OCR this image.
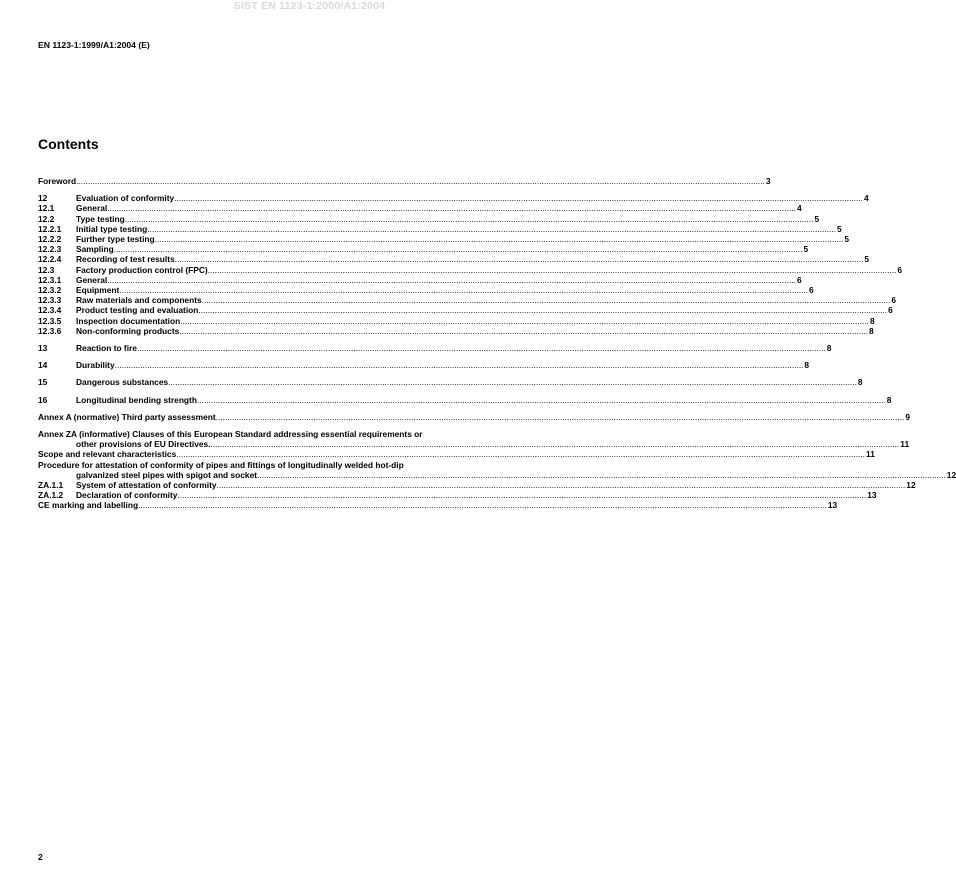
SIST EN 1123-1:2000/A1:2004
EN 1123-1:1999/A1:2004 (E)
Contents
Foreword .....	3
12	Evaluation of conformity .....	4
12.1	General .....	4
12.2	Type testing .....	5
12.2.1	Initial type testing .....	5
12.2.2	Further type testing .....	5
12.2.3	Sampling .....	5
12.2.4	Recording of test results .....	5
12.3	Factory production control (FPC) .....	6
12.3.1	General .....	6
12.3.2	Equipment .....	6
12.3.3	Raw materials and components .....	6
12.3.4	Product testing and evaluation .....	6
12.3.5	Inspection documentation .....	8
12.3.6	Non-conforming products .....	8
13	Reaction to fire .....	8
14	Durability .....	8
15	Dangerous substances .....	8
16	Longitudinal bending strength .....	8
Annex A (normative) Third party assessment .....	9
Annex ZA (informative) Clauses of this European Standard addressing essential requirements or
other provisions of EU Directives. .....	11
Scope and relevant characteristics .....	11
Procedure for attestation of conformity of pipes and fittings of longitudinally welded hot-dip
galvanized steel pipes with spigot and socket .....	12
ZA.1.1	System of attestation of conformity .....	12
ZA.1.2	Declaration of conformity .....	13
CE marking and labelling .....	13
2
